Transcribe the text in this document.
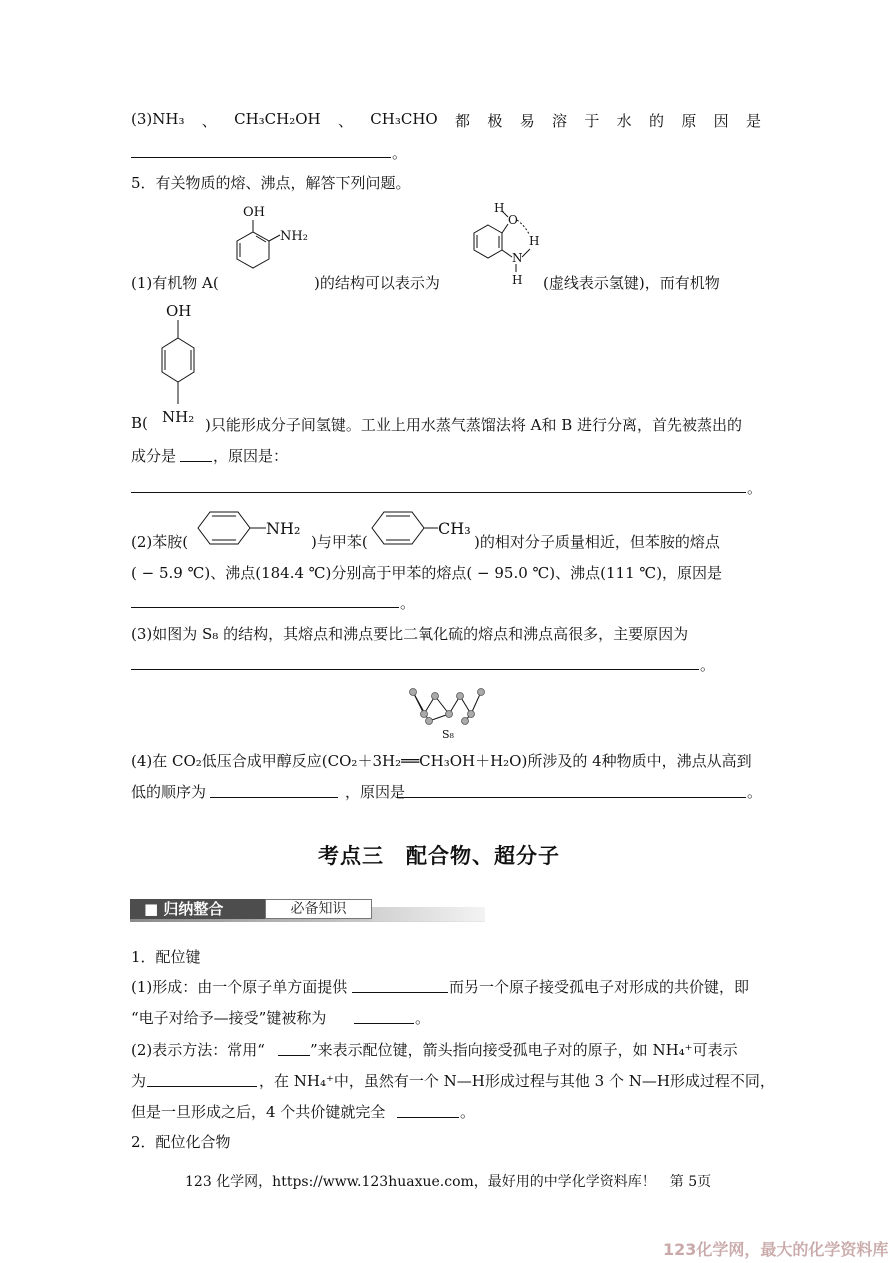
(3)NH₃ 、 CH₃CH₂OH 、 CH₃CHO 都 极 易 溶 于 水 的 原 因 是
。
5．有关物质的熔、沸点，解答下列问题。
OH
NH₂
O
H
H
N
H
(1)有机物 A(	)的结构可以表示为	(虚线表示氢键)，而有机物
OH
NH₂
B(	)只能形成分子间氢键。工业上用水蒸气蒸馏法将 A和 B 进行分离，首先被蒸出的
成分是 ，原因是：
。
(2)苯胺(
NH₂
)与甲苯(
CH₃
)的相对分子质量相近，但苯胺的熔点
( − 5.9 ℃)、沸点(184.4 ℃)分别高于甲苯的熔点( − 95.0 ℃)、沸点(111 ℃)，原因是
。
(3)如图为 S₈ 的结构，其熔点和沸点要比二氧化硫的熔点和沸点高很多，主要原因为
。
S₈
(4)在 CO₂低压合成甲醇反应(CO₂＋3H₂══CH₃OH＋H₂O)所涉及的 4种物质中，沸点从高到
低的顺序为	，原因是	。
考点三　配合物、超分子
■ 归纳整合	必备知识
1．配位键
(1)形成：由一个原子单方面提供	而另一个原子接受孤电子对形成的共价键，即
“电子对给予—接受”键被称为	。
(2)表示方法：常用“	”来表示配位键，箭头指向接受孤电子对的原子，如 NH₄⁺可表示
为	，在 NH₄⁺中，虽然有一个 N—H形成过程与其他 3 个 N—H形成过程不同，
但是一旦形成之后，4 个共价键就完全	。
2．配位化合物
123 化学网，https://www.123huaxue.com，最好用的中学化学资料库！　第 5页
123化学网，最大的化学资料库
